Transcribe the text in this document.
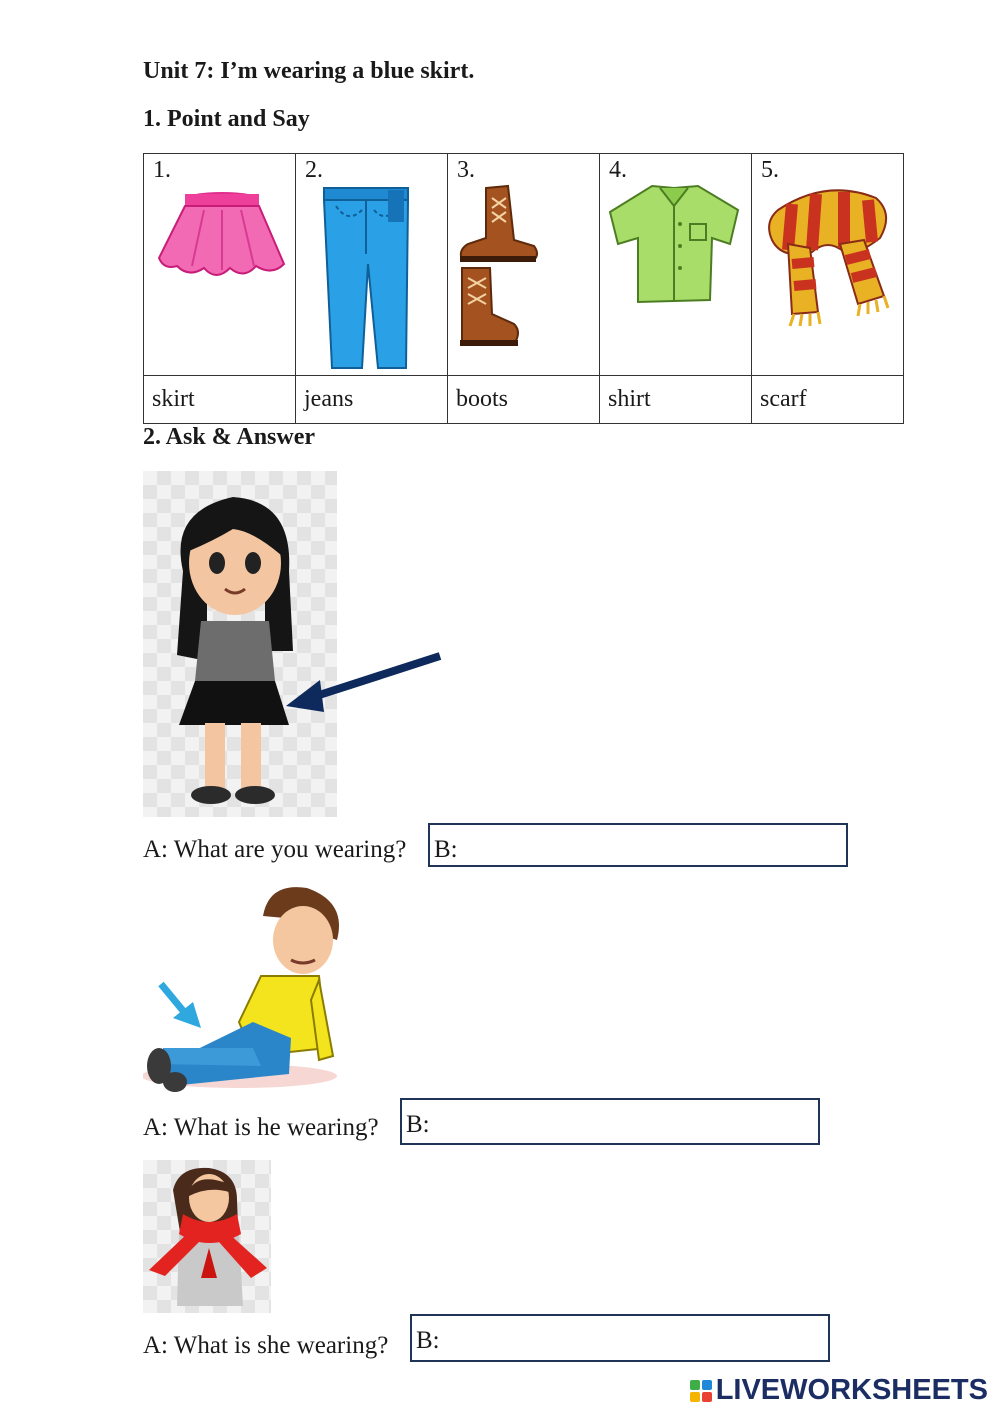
Unit 7: I’m wearing a blue skirt.
1. Point and Say
1.	2.	3.	4.	5.

skirt	jeans	boots	shirt	scarf
2. Ask & Answer
A: What are you wearing? B:
A: What is he wearing? B:
A: What is she wearing? B:
LIVEWORKSHEETS
